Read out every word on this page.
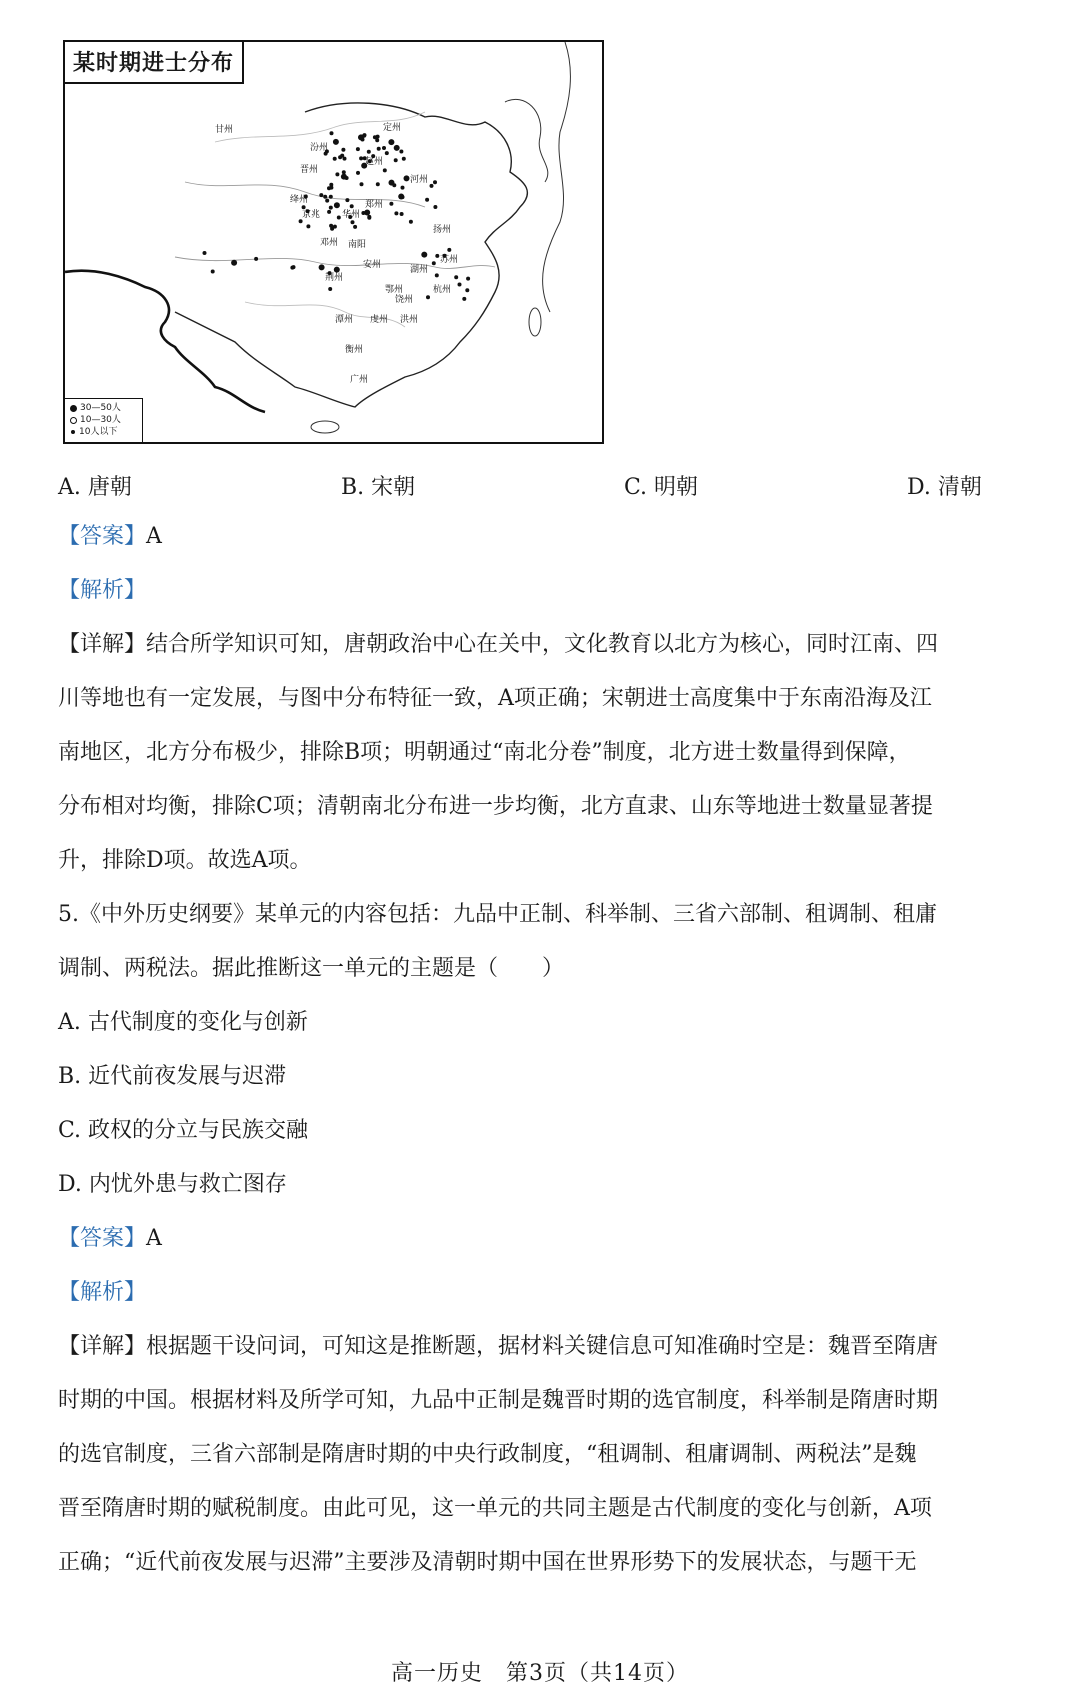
某时期进士分布
甘州	定州
汾州
赵州
晋州
河州
郑州
绛州
京兆 华州
南阳
邓州
安州
荆州
鄂州
扬州
苏州
杭州
湖州
饶州
虔州 洪州
潭州
衡州
广州
30—50人
10—30人
10人以下
A. 唐朝	B. 宋朝	C. 明朝	D. 清朝
【答案】A
【解析】
【详解】结合所学知识可知，唐朝政治中心在关中，文化教育以北方为核心，同时江南、四
川等地也有一定发展，与图中分布特征一致，A项正确；宋朝进士高度集中于东南沿海及江
南地区，北方分布极少，排除B项；明朝通过“南北分卷”制度，北方进士数量得到保障，
分布相对均衡，排除C项；清朝南北分布进一步均衡，北方直隶、山东等地进士数量显著提
升，排除D项。故选A项。
5.《中外历史纲要》某单元的内容包括：九品中正制、科举制、三省六部制、租调制、租庸
调制、两税法。据此推断这一单元的主题是（　　）
A. 古代制度的变化与创新
B. 近代前夜发展与迟滞
C. 政权的分立与民族交融
D. 内忧外患与救亡图存
【答案】A
【解析】
【详解】根据题干设问词，可知这是推断题，据材料关键信息可知准确时空是：魏晋至隋唐
时期的中国。根据材料及所学可知，九品中正制是魏晋时期的选官制度，科举制是隋唐时期
的选官制度，三省六部制是隋唐时期的中央行政制度，“租调制、租庸调制、两税法”是魏
晋至隋唐时期的赋税制度。由此可见，这一单元的共同主题是古代制度的变化与创新，A项
正确；“近代前夜发展与迟滞”主要涉及清朝时期中国在世界形势下的发展状态，与题干无
高一历史　第3页（共14页）
